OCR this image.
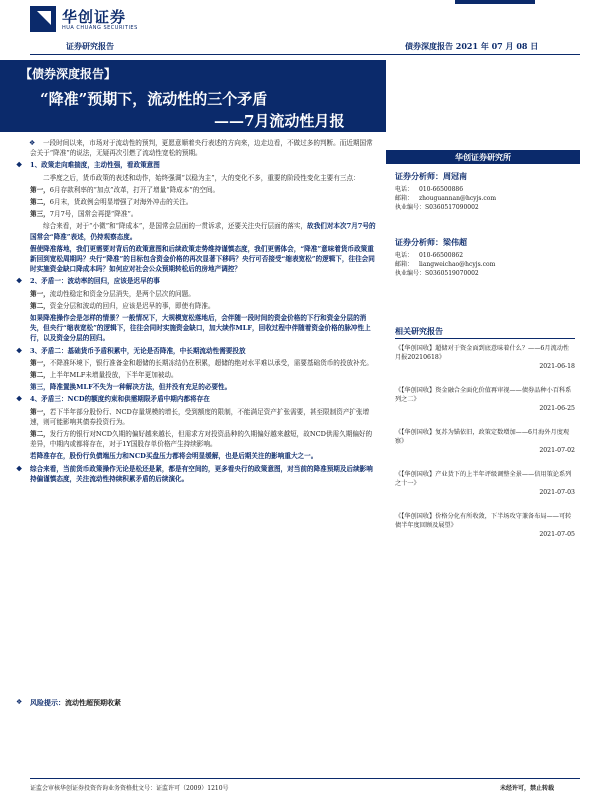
华创证券
HUA CHUANG SECURITIES
证券研究报告	债券深度报告 2021 年 07 月 08 日
【债券深度报告】
“降准”预期下，流动性的三个矛盾
——7月流动性月报

❖ 一段时间以来，市场对于流动性的预判，更愿意顺着央行表述的方向来，边走边看，不做过多的判断。而近期国常会关于“降准”的说法，无疑再次引燃了流动性宽松的预期。

❖ 1、政策走向难揣度，主动性强，看政策意图

二季度之后，货币政策的表述和动作，始终强调“以稳为主”，大的变化不多，重要的阶段性变化主要有三点：

第一，6月存款利率的“加点”改革，打开了增量“降成本”的空间。

第二，6月末，货政例会明显增强了对海外冲击的关注。

第三，7月7号，国常会再提“降准”。

综合来看，对于“小微”和“降成本”，是国常会层面的一贯诉求，还要关注央行层面的落实，故我们对本次7月7号的国常会“降准”表述，仍持观察态度。

假使降准落地，我们更需要对背后的政策意图和后续政策走势维持谨慎态度，我们更需体会，“降准”意味着货币政策重新回到宽松周期吗？央行“降准”的目标包含资金价格的再次显著下移吗？央行可否接受“缩表宽松”的逻辑下，往往会同时实施资金缺口降成本吗？如何应对社会公众预期转松后的房地产调控？

❖ 2、矛盾一：波动率的回归，应该是迟早的事

第一，流动性稳定和资金分层消失，是两个层次的问题。

第二，资金分层和波动的回归，应该是迟早的事，即使有降准。

如果降准操作会是怎样的情景？一般情况下，大规模宽松落地后，会伴随一段时间的资金价格的下行和资金分层的消失，但央行“缩表宽松”的逻辑下，往往会同时实施资金缺口，加大续作MLF，回收过程中伴随着资金价格的脉冲性上行，以及资金分层的回归。

❖ 3、矛盾二：基础货币予盾积累中，无论是否降准，中长期流动性需要投放

第一，不降准环境下，银行准备金和超储的长期冻结仍在积累，超储的绝对水平难以承受，需要基础货币的投放补充。

第二，上半年MLF未增量投放，下半年更加被动。

第三，降准置换MLF不失为一种解决方法，但并没有充足的必要性。

❖ 4、矛盾三：NCD的额度约束和供需期限矛盾中期内都将存在

第一，若下半年部分股份行、NCD存量规模的增长，受到额度的限制，不能满足资产扩张需要，甚至限制资产扩张增速，则可能影响其债券投资行为。

第二，发行方的银行对NCD久期的偏好越来越长，但需求方对投资品种的久期偏好越来越短，故NCD供需久期偏好的差异，中期内或都将存在，对于1Y国股存单价格产生持续影响。

若降准存在，股份行负债端压力和NCD买盘压力都将会明显缓解，也是后期关注的影响重大之一。

❖ 综合来看，当前货币政策操作无论是松还是紧，都是有空间的，更多看央行的政策意图，对当前的降准预期及后续影响持偏谨慎态度，关注流动性持续积累矛盾的后续演化。

❖ 风险提示：流动性超预期收紧
华创证券研究所
证券分析师：周冠南
电话： 010-66500886
邮箱： zhouguannan@hcyjs.com
执业编号：S0360517090002
证券分析师：梁伟超
电话： 010-66500862
邮箱： liangweichao@hcyjs.com
执业编号：S0360519070002
相关研究报告
《【华创国收】超储对于资金面到底意味着什么？——6月流动性月报20210618》
2021-06-18
《【华创国收】资金融合全面化价值再审视——债券品种小百科系列之二》
2021-06-25
《【华创国收】复苏为锚依旧，政策定数增加——6月海外月度观察》
2021-07-02
《【华创国收】产业货下的上半年评级调整全景——信用策论系列之十一》
2021-07-03
《【华创国收】价格分化有所收敛，下半场攻守兼备布局——可转债半年度回顾及展望》
2021-07-05
证监会审核华创证券投资咨询业务资格批文号：证监许可（2009）1210号	未经许可，禁止转载
